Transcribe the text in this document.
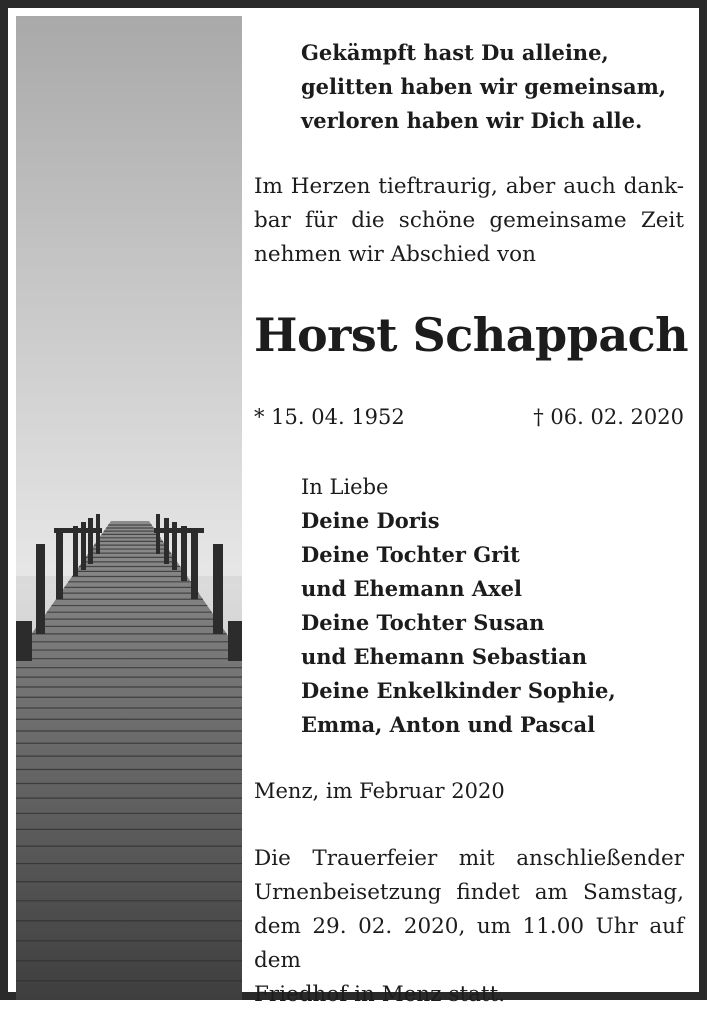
Gekämpft hast Du alleine,
gelitten haben wir gemeinsam,
verloren haben wir Dich alle.
Im Herzen tieftraurig, aber auch dank-
bar für die schöne gemeinsame Zeit
nehmen wir Abschied von
Horst Schappach
* 15. 04. 1952	† 06. 02. 2020
In Liebe
Deine Doris
Deine Tochter Grit
und Ehemann Axel
Deine Tochter Susan
und Ehemann Sebastian
Deine Enkelkinder Sophie,
Emma, Anton und Pascal
Menz, im Februar 2020
Die Trauerfeier mit anschließender
Urnenbeisetzung findet am Samstag,
dem 29. 02. 2020, um 11.00 Uhr auf dem
Friedhof in Menz statt.
